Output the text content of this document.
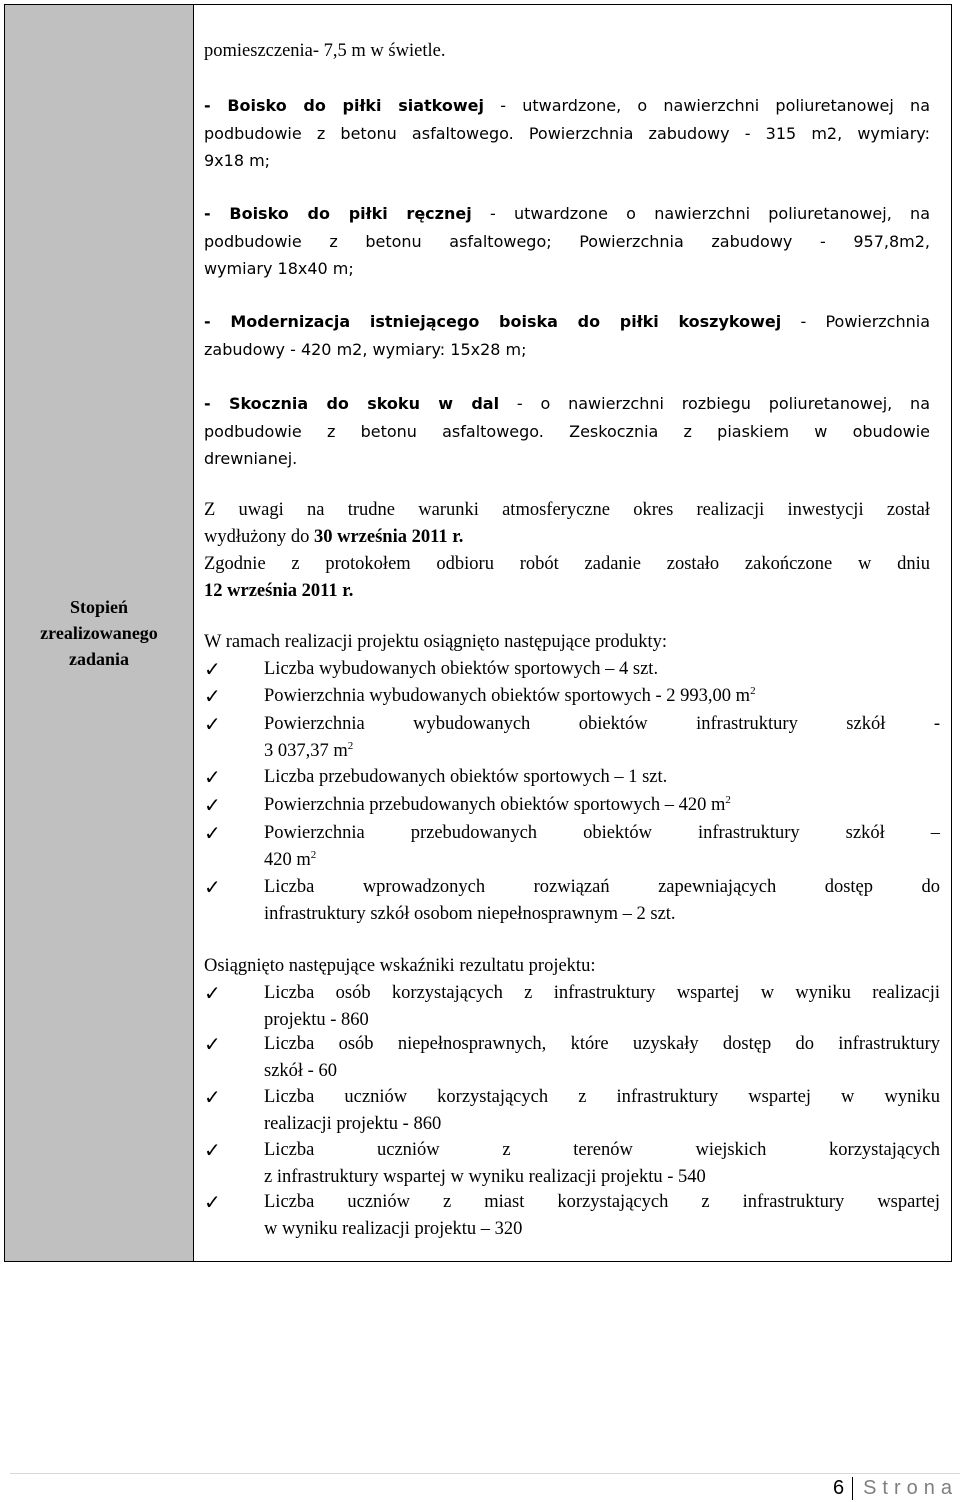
Stopień
zrealizowanego
zadania
pomieszczenia- 7,5 m w świetle.
- Boisko do piłki siatkowej - utwardzone, o nawierzchni poliuretanowej na
podbudowie z betonu asfaltowego. Powierzchnia zabudowy - 315 m2, wymiary:
9x18 m;
- Boisko do piłki ręcznej - utwardzone o nawierzchni poliuretanowej, na
podbudowie z betonu asfaltowego; Powierzchnia zabudowy - 957,8m2,
wymiary 18x40 m;
- Modernizacja istniejącego boiska do piłki koszykowej - Powierzchnia
zabudowy - 420 m2, wymiary: 15x28 m;
- Skocznia do skoku w dal - o nawierzchni rozbiegu poliuretanowej, na
podbudowie z betonu asfaltowego. Zeskocznia z piaskiem w obudowie
drewnianej.
Z uwagi na trudne warunki atmosferyczne okres realizacji inwestycji został
wydłużony do 30 września 2011 r.
Zgodnie z protokołem odbioru robót zadanie zostało zakończone w dniu
12 września 2011 r.
W ramach realizacji projektu osiągnięto następujące produkty:
✓ Liczba wybudowanych obiektów sportowych – 4 szt.
✓ Powierzchnia wybudowanych obiektów sportowych - 2 993,00 $m^2$
✓ Powierzchnia wybudowanych obiektów infrastruktury szkół -
3 037,37 $m^2$
✓ Liczba przebudowanych obiektów sportowych – 1 szt.
✓ Powierzchnia przebudowanych obiektów sportowych – 420 $m^2$
✓ Powierzchnia przebudowanych obiektów infrastruktury szkół –
420 $m^2$
✓ Liczba wprowadzonych rozwiązań zapewniających dostęp do
infrastruktury szkół osobom niepełnosprawnym – 2 szt.
Osiągnięto następujące wskaźniki rezultatu projektu:
✓ Liczba osób korzystających z infrastruktury wspartej w wyniku realizacji
projektu - 860
✓ Liczba osób niepełnosprawnych, które uzyskały dostęp do infrastruktury
szkół - 60
✓ Liczba uczniów korzystających z infrastruktury wspartej w wyniku
realizacji projektu - 860
✓ Liczba uczniów z terenów wiejskich korzystających
z infrastruktury wspartej w wyniku realizacji projektu - 540
✓ Liczba uczniów z miast korzystających z infrastruktury wspartej
w wyniku realizacji projektu – 320
6 Strona
